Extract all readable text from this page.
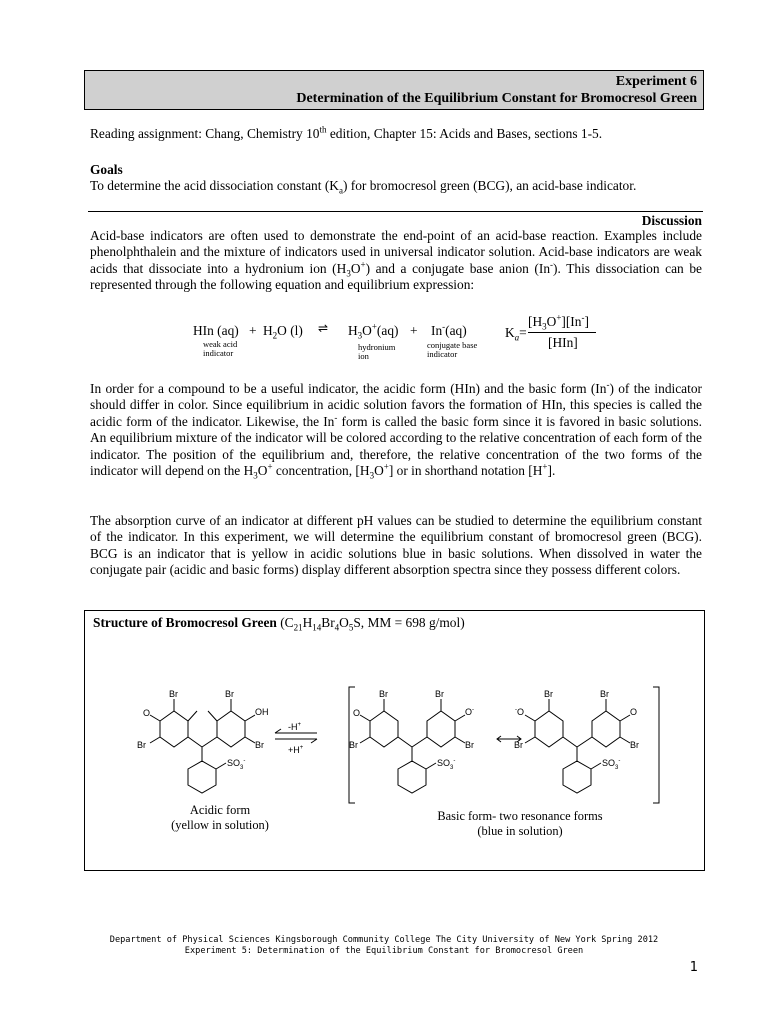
Experiment 6
Determination of the Equilibrium Constant for Bromocresol Green
Reading assignment: Chang, Chemistry 10th edition, Chapter 15: Acids and Bases, sections 1-5.
Goals
To determine the acid dissociation constant $(K_a)$ for bromocresol green (BCG), an acid-base indicator.
Discussion
Acid-base indicators are often used to demonstrate the end-point of an acid-base reaction. Examples include phenolphthalein and the mixture of indicators used in universal indicator solution. Acid-base indicators are weak acids that dissociate into a hydronium ion $(H_3O^+)$ and a conjugate base anion (In-). This dissociation can be represented through the following equation and equilibrium expression:
HIn $(aq) + H_2O$ (l) ⇌ $H_3O^+(aq) + In^-(aq)$
weak acid
indicator
hydronium
ion
conjugate base
indicator
$K_a=$
$[H_3O^+][In^-]$
[HIn]
In order for a compound to be a useful indicator, the acidic form (HIn) and the basic form (In-) of the indicator should differ in color. Since equilibrium in acidic solution favors the formation of HIn, this species is called the acidic form of the indicator. Likewise, the In- form is called the basic form since it is favored in basic solutions. An equilibrium mixture of the indicator will be colored according to the relative concentration of each form of the indicator. The position of the equilibrium and, therefore, the relative concentration of the two forms of the indicator will depend on the $H_3O^+$ concentration, $[H_3O^+]$ or in shorthand notation [H+].
The absorption curve of an indicator at different pH values can be studied to determine the equilibrium constant of the indicator. In this experiment, we will determine the equilibrium constant of bromocresol green (BCG). BCG is an indicator that is yellow in acidic solutions blue in basic solutions. When dissolved in water the conjugate pair (acidic and basic forms) display different absorption spectra since they possess different colors.
Structure of Bromocresol Green ($C_{21}H_{14}Br_4O_5S$, MM = 698 g/mol)
Br	Br
O	OH
Br	Br
$SO_3^-$
-H+
+H+
Br	Br
O	O-
Br	Br
$SO_3^-$
Br	Br
-O	O
Br	Br
$SO_3^-$
Acidic form
(yellow in solution)
Basic form- two resonance forms
(blue in solution)
Department of Physical Sciences Kingsborough Community College The City University of New York Spring 2012
Experiment 5: Determination of the Equilibrium Constant for Bromocresol Green
1
